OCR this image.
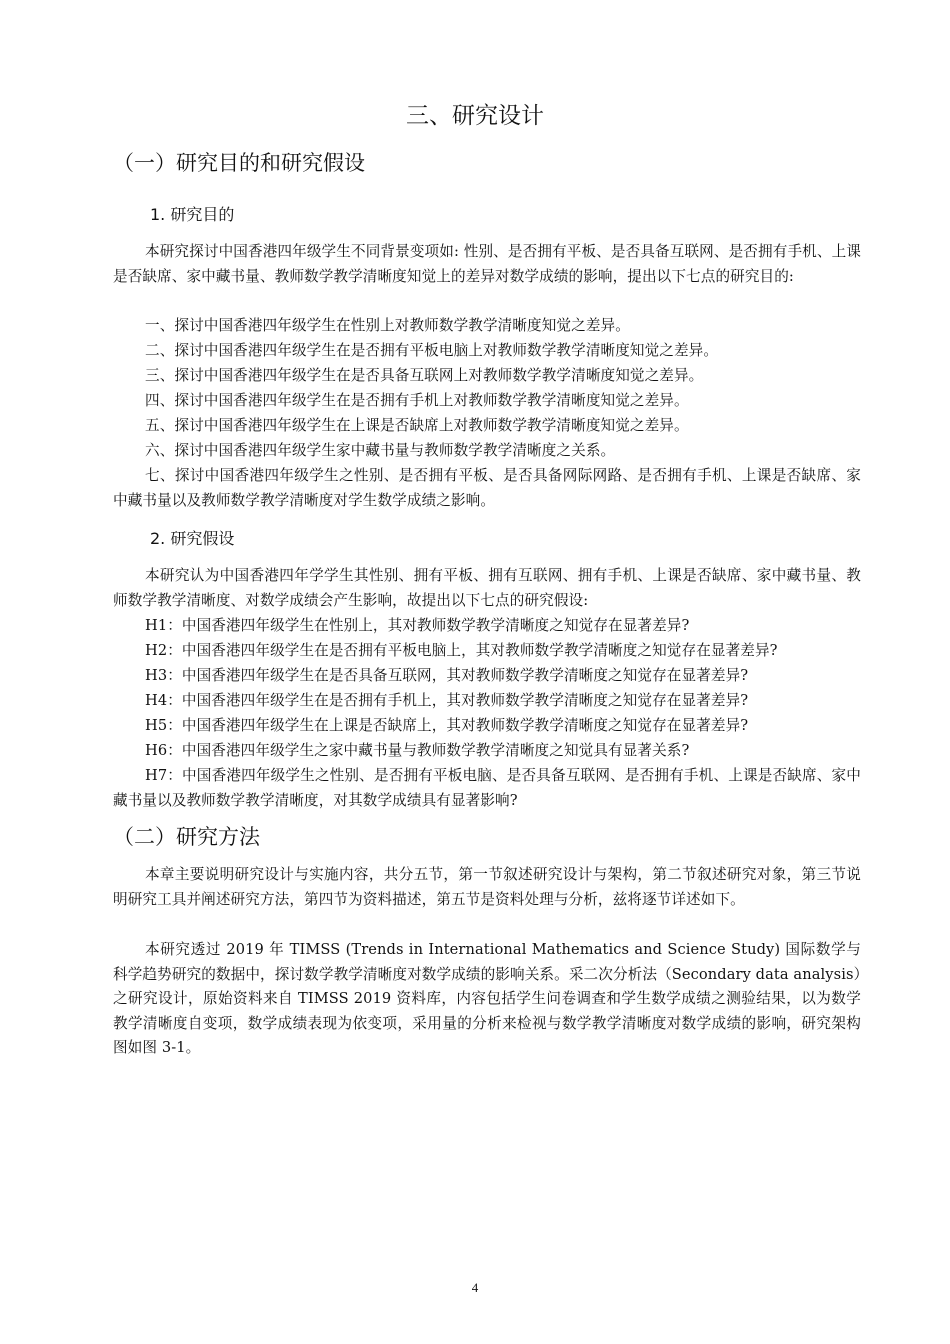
三、研究设计
（一）研究目的和研究假设
1. 研究目的

本研究探讨中国香港四年级学生不同背景变项如: 性别、是否拥有平板、是否具备互联网、是否拥有手机、上课是否缺席、家中藏书量、教师数学教学清晰度知觉上的差异对数学成绩的影响，提出以下七点的研究目的:

一、探讨中国香港四年级学生在性别上对教师数学教学清晰度知觉之差异。

二、探讨中国香港四年级学生在是否拥有平板电脑上对教师数学教学清晰度知觉之差异。

三、探讨中国香港四年级学生在是否具备互联网上对教师数学教学清晰度知觉之差异。

四、探讨中国香港四年级学生在是否拥有手机上对教师数学教学清晰度知觉之差异。

五、探讨中国香港四年级学生在上课是否缺席上对教师数学教学清晰度知觉之差异。

六、探讨中国香港四年级学生家中藏书量与教师数学教学清晰度之关系。

七、探讨中国香港四年级学生之性别、是否拥有平板、是否具备网际网路、是否拥有手机、上课是否缺席、家中藏书量以及教师数学教学清晰度对学生数学成绩之影响。

2. 研究假设

本研究认为中国香港四年学学生其性别、拥有平板、拥有互联网、拥有手机、上课是否缺席、家中藏书量、教师数学教学清晰度、对数学成绩会产生影响，故提出以下七点的研究假设:

H1：中国香港四年级学生在性别上，其对教师数学教学清晰度之知觉存在显著差异?

H2：中国香港四年级学生在是否拥有平板电脑上，其对教师数学教学清晰度之知觉存在显著差异?

H3：中国香港四年级学生在是否具备互联网，其对教师数学教学清晰度之知觉存在显著差异?

H4：中国香港四年级学生在是否拥有手机上，其对教师数学教学清晰度之知觉存在显著差异?

H5：中国香港四年级学生在上课是否缺席上，其对教师数学教学清晰度之知觉存在显著差异?

H6：中国香港四年级学生之家中藏书量与教师数学教学清晰度之知觉具有显著关系?

H7：中国香港四年级学生之性别、是否拥有平板电脑、是否具备互联网、是否拥有手机、上课是否缺席、家中藏书量以及教师数学教学清晰度，对其数学成绩具有显著影响?

（二）研究方法

本章主要说明研究设计与实施内容，共分五节，第一节叙述研究设计与架构，第二节叙述研究对象，第三节说明研究工具并阐述研究方法，第四节为资料描述，第五节是资料处理与分析，兹将逐节详述如下。

本研究透过 2019 年 TIMSS (Trends in International Mathematics and Science Study) 国际数学与科学趋势研究的数据中，探讨数学教学清晰度对数学成绩的影响关系。采二次分析法（Secondary data analysis）之研究设计，原始资料来自 TIMSS 2019 资料库，内容包括学生问卷调查和学生数学成绩之测验结果，以为数学教学清晰度自变项，数学成绩表现为依变项，采用量的分析来检视与数学教学清晰度对数学成绩的影响，研究架构图如图 3-1。

4
